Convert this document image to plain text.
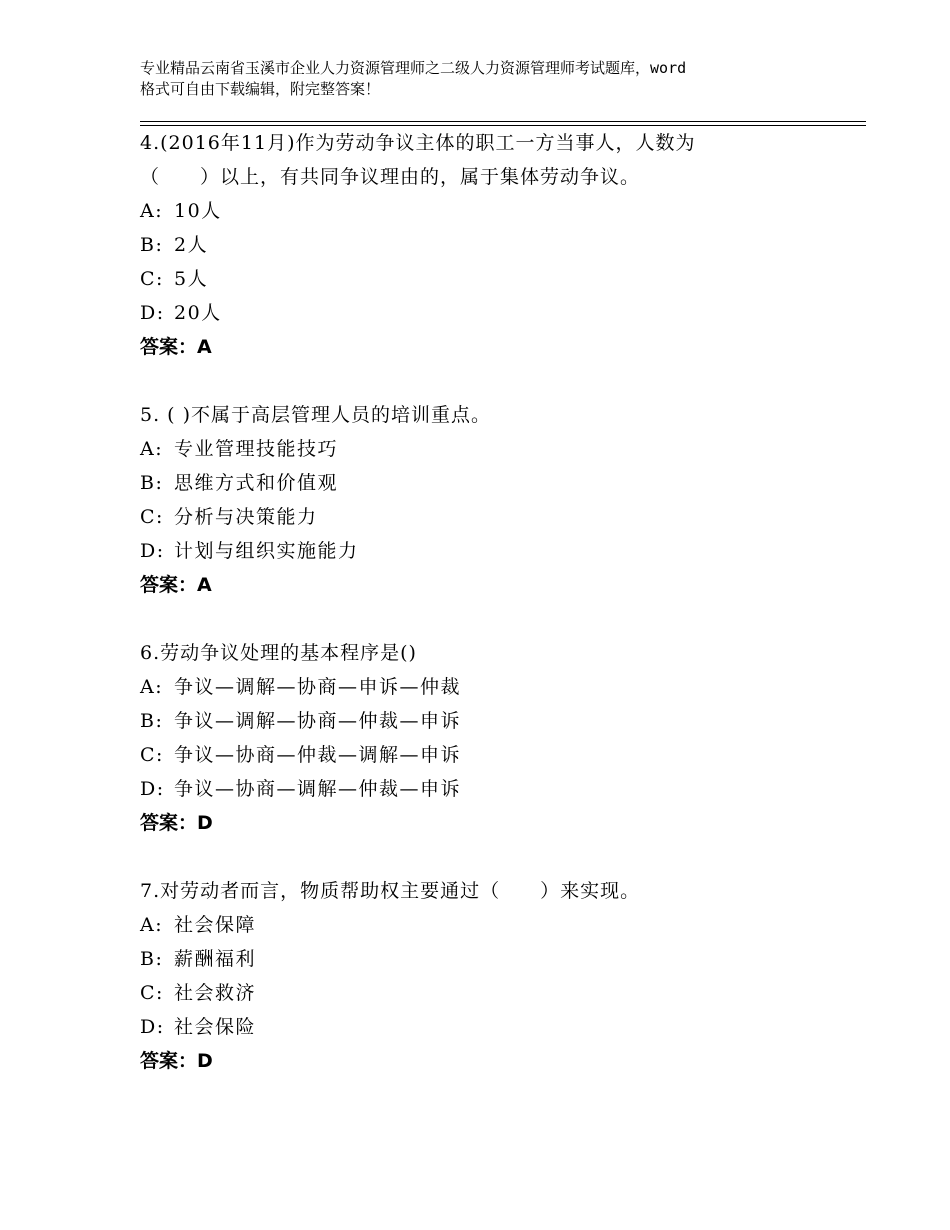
专业精品云南省玉溪市企业人力资源管理师之二级人力资源管理师考试题库，word
格式可自由下载编辑，附完整答案！
4.(2016年11月)作为劳动争议主体的职工一方当事人，人数为
（　　）以上，有共同争议理由的，属于集体劳动争议。
A: 10人
B: 2人
C: 5人
D: 20人
答案：A
5. ( )不属于高层管理人员的培训重点。
A: 专业管理技能技巧
B: 思维方式和价值观
C: 分析与决策能力
D: 计划与组织实施能力
答案：A
6.劳动争议处理的基本程序是()
A: 争议—调解—协商—申诉—仲裁
B: 争议—调解—协商—仲裁—申诉
C: 争议—协商—仲裁—调解—申诉
D: 争议—协商—调解—仲裁—申诉
答案：D
7.对劳动者而言，物质帮助权主要通过（　　）来实现。
A: 社会保障
B: 薪酬福利
C: 社会救济
D: 社会保险
答案：D
